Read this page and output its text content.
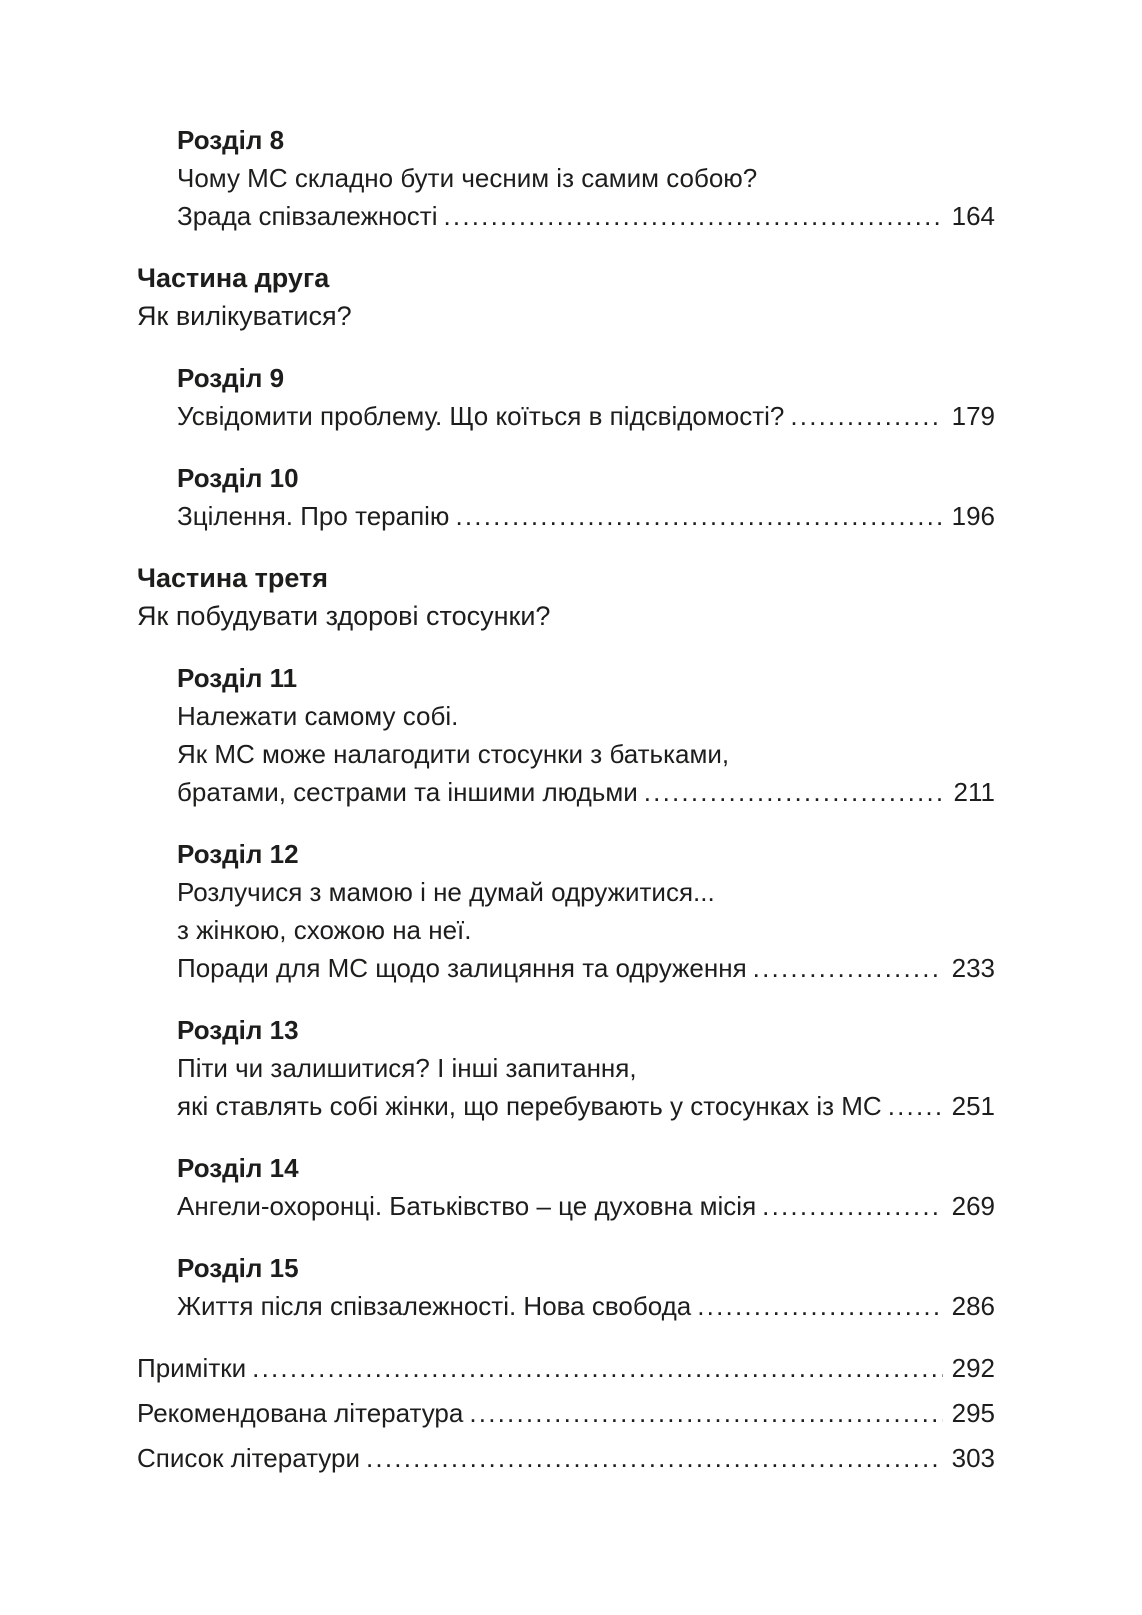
Розділ 8
Чому МС складно бути чесним із самим собою?
Зрада співзалежності .....	164
Частина друга
Як вилікуватися?
Розділ 9
Усвідомити проблему. Що коїться в підсвідомості? .....	179
Розділ 10
Зцілення. Про терапію .....	196
Частина третя
Як побудувати здорові стосунки?
Розділ 11
Належати самому собі.
Як МС може налагодити стосунки з батьками,
братами, сестрами та іншими людьми .....	211
Розділ 12
Розлучися з мамою і не думай одружитися...
з жінкою, схожою на неї.
Поради для МС щодо залицяння та одруження .....	233
Розділ 13
Піти чи залишитися? І інші запитання,
які ставлять собі жінки, що перебувають у стосунках із МС .....	251
Розділ 14
Ангели-охоронці. Батьківство – це духовна місія .....	269
Розділ 15
Життя після співзалежності. Нова свобода .....	286
Примітки .....	292
Рекомендована література .....	295
Список літератури .....	303
